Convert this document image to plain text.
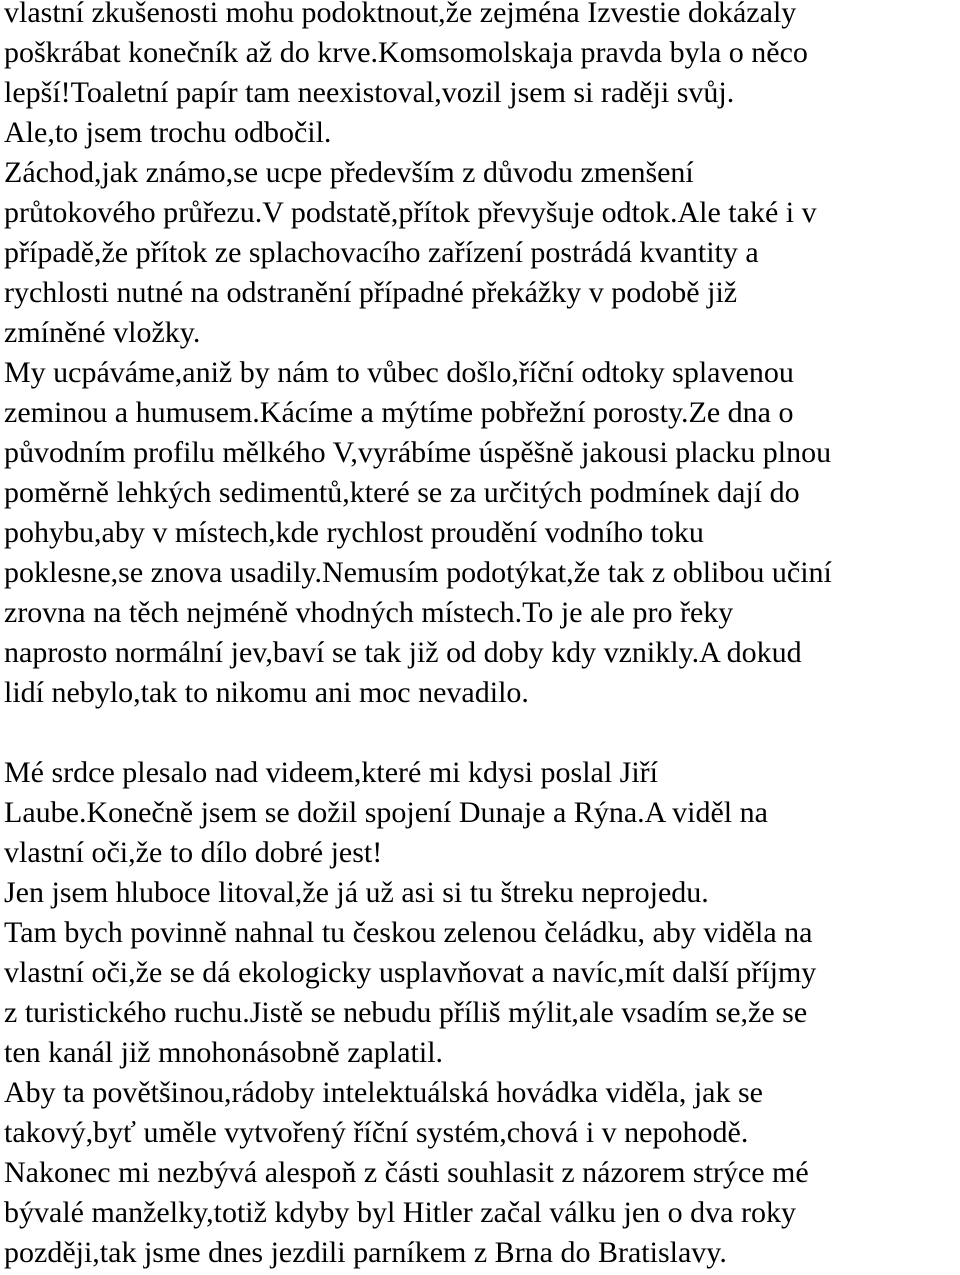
vlastní zkušenosti mohu podoktnout,že zejména Izvestie dokázaly
poškrábat konečník až do krve.Komsomolskaja pravda byla o něco
lepší!Toaletní papír tam neexistoval,vozil jsem si raději svůj.
Ale,to jsem trochu odbočil.
Záchod,jak známo,se ucpe především z důvodu zmenšení
průtokového průřezu.V podstatě,přítok převyšuje odtok.Ale také i v
případě,že přítok ze splachovacího zařízení postrádá kvantity a
rychlosti nutné na odstranění případné překážky v podobě již
zmíněné vložky.
My ucpáváme,aniž by nám to vůbec došlo,říční odtoky splavenou
zeminou a humusem.Kácíme a mýtíme pobřežní porosty.Ze dna o
původním profilu mělkého V,vyrábíme úspěšně jakousi placku plnou
poměrně lehkých sedimentů,které se za určitých podmínek dají do
pohybu,aby v místech,kde rychlost proudění vodního toku
poklesne,se znova usadily.Nemusím podotýkat,že tak z oblibou učiní
zrovna na těch nejméně vhodných místech.To je ale pro řeky
naprosto normální jev,baví se tak již od doby kdy vznikly.A dokud
lidí nebylo,tak to nikomu ani moc nevadilo.
Mé srdce plesalo nad videem,které mi kdysi poslal Jiří
Laube.Konečně jsem se dožil spojení Dunaje a Rýna.A viděl na
vlastní oči,že to dílo dobré jest!
Jen jsem hluboce litoval,že já už asi si tu štreku neprojedu.
Tam bych povinně nahnal tu českou zelenou čeládku, aby viděla na
vlastní oči,že se dá ekologicky usplavňovat a navíc,mít další příjmy
z turistického ruchu.Jistě se nebudu příliš mýlit,ale vsadím se,že se
ten kanál již mnohonásobně zaplatil.
Aby ta povětšinou,rádoby intelektuálská hovádka viděla, jak se
takový,byť uměle vytvořený říční systém,chová i v nepohodě.
Nakonec mi nezbývá alespoň z části souhlasit z názorem strýce mé
bývalé manželky,totiž kdyby byl Hitler začal válku jen o dva roky
později,tak jsme dnes jezdili parníkem z Brna do Bratislavy.
